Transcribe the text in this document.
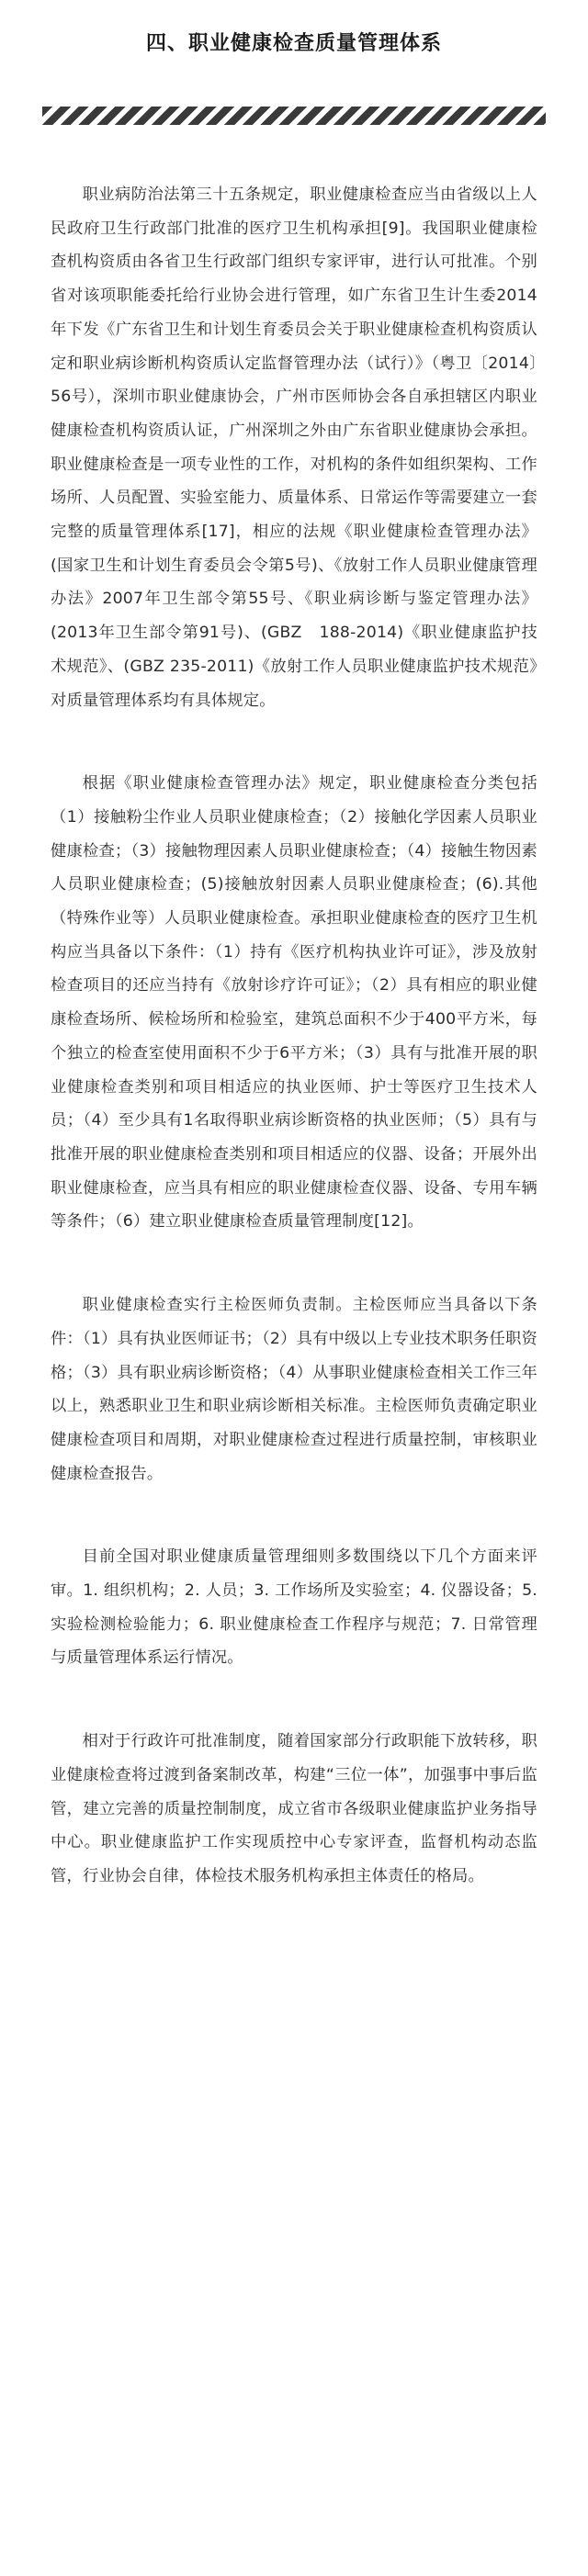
四、职业健康检查质量管理体系

职业病防治法第三十五条规定，职业健康检查应当由省级以上人民政府卫生行政部门批准的医疗卫生机构承担[9]。我国职业健康检查机构资质由各省卫生行政部门组织专家评审，进行认可批准。个别省对该项职能委托给行业协会进行管理，如广东省卫生计生委2014年下发《广东省卫生和计划生育委员会关于职业健康检查机构资质认定和职业病诊断机构资质认定监督管理办法（试行）》（粤卫〔2014〕56号），深圳市职业健康协会，广州市医师协会各自承担辖区内职业健康检查机构资质认证，广州深圳之外由广东省职业健康协会承担。职业健康检查是一项专业性的工作，对机构的条件如组织架构、工作场所、人员配置、实验室能力、质量体系、日常运作等需要建立一套完整的质量管理体系[17]，相应的法规《职业健康检查管理办法》(国家卫生和计划生育委员会令第5号)、《放射工作人员职业健康管理办法》2007年卫生部令第55号、《职业病诊断与鉴定管理办法》(2013年卫生部令第91号)、(GBZ　188-2014)《职业健康监护技术规范》、(GBZ 235-2011)《放射工作人员职业健康监护技术规范》对质量管理体系均有具体规定。

根据《职业健康检查管理办法》规定，职业健康检查分类包括（1）接触粉尘作业人员职业健康检查；（2）接触化学因素人员职业健康检查；（3）接触物理因素人员职业健康检查；（4）接触生物因素人员职业健康检查；(5)接触放射因素人员职业健康检查；(6).其他（特殊作业等）人员职业健康检查。承担职业健康检查的医疗卫生机构应当具备以下条件：（1）持有《医疗机构执业许可证》，涉及放射检查项目的还应当持有《放射诊疗许可证》；（2）具有相应的职业健康检查场所、候检场所和检验室，建筑总面积不少于400平方米，每个独立的检查室使用面积不少于6平方米；（3）具有与批准开展的职业健康检查类别和项目相适应的执业医师、护士等医疗卫生技术人员；（4）至少具有1名取得职业病诊断资格的执业医师；（5）具有与批准开展的职业健康检查类别和项目相适应的仪器、设备；开展外出职业健康检查，应当具有相应的职业健康检查仪器、设备、专用车辆等条件；（6）建立职业健康检查质量管理制度[12]。

职业健康检查实行主检医师负责制。主检医师应当具备以下条件：（1）具有执业医师证书；（2）具有中级以上专业技术职务任职资格；（3）具有职业病诊断资格；（4）从事职业健康检查相关工作三年以上，熟悉职业卫生和职业病诊断相关标准。主检医师负责确定职业健康检查项目和周期，对职业健康检查过程进行质量控制，审核职业健康检查报告。

目前全国对职业健康质量管理细则多数围绕以下几个方面来评审。1. 组织机构；2. 人员；3. 工作场所及实验室；4. 仪器设备；5. 实验检测检验能力；6. 职业健康检查工作程序与规范；7. 日常管理与质量管理体系运行情况。

相对于行政许可批准制度，随着国家部分行政职能下放转移，职业健康检查将过渡到备案制改革，构建“三位一体”，加强事中事后监管，建立完善的质量控制制度，成立省市各级职业健康监护业务指导中心。职业健康监护工作实现质控中心专家评查，监督机构动态监管，行业协会自律，体检技术服务机构承担主体责任的格局。
